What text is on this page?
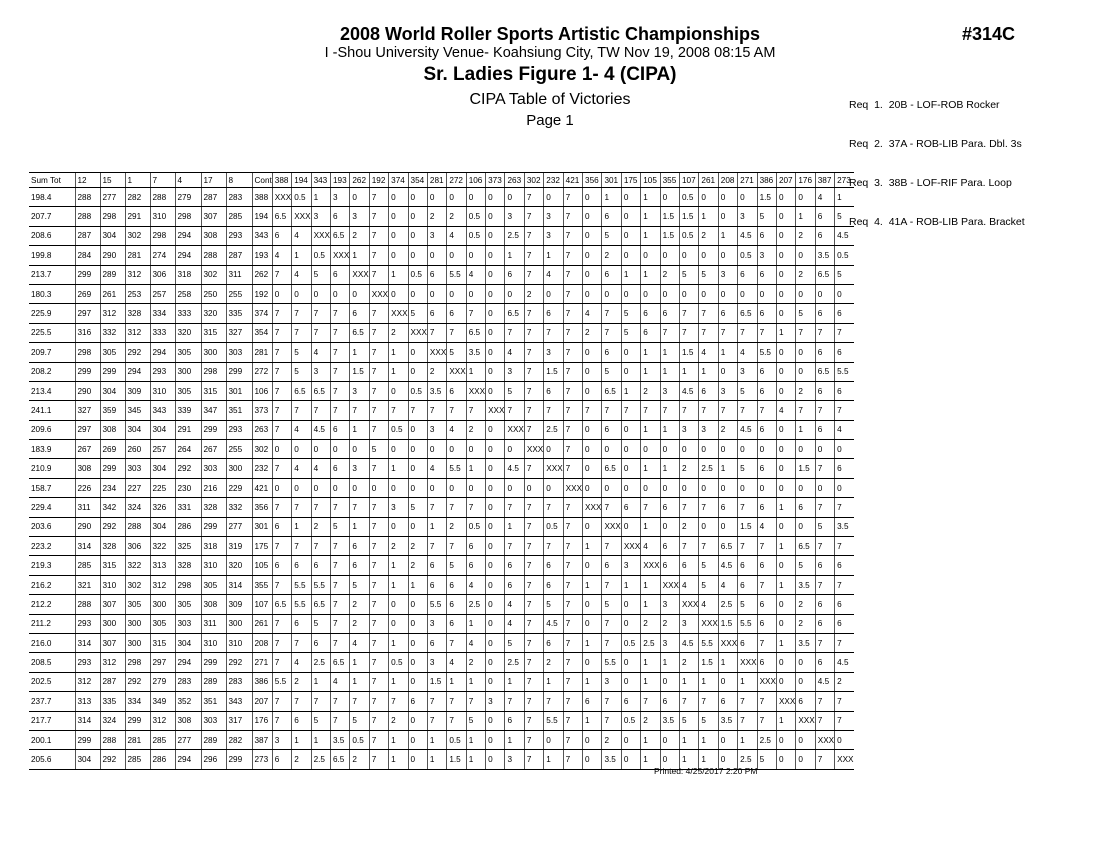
2008 World Roller Sports Artistic Championships	#314C
I -Shou University Venue- Koahsiung City, TW Nov 19, 2008 08:15 AM
Sr. Ladies Figure 1- 4 (CIPA)
CIPA Table of Victories
Page 1

Req  1.  20B - LOF-ROB Rocker

Req  2.  37A - ROB-LIB Para. Dbl. 3s

Req  3.  38B - LOF-RIF Para. Loop

Req  4.  41A - ROB-LIB Para. Bracket

Sum Tot	12	15	1	7	4	17	8	Cont	388	194	343	193	262	192	374	354	281	272	106	373	263	302	232	421	356	301	175	105	355	107	261	208	271	386	207	176	387	273
198.4	288	277	282	288	279	287	283	388	XXX	0.5	1	3	0	7	0	0	0	0	0	0	0	7	0	7	0	1	0	1	0	0.5	0	0	0	1.5	0	0	4	1
207.7	288	298	291	310	298	307	285	194	6.5	XXX	3	6	3	7	0	0	2	2	0.5	0	3	7	3	7	0	6	0	1	1.5	1.5	1	0	3	5	0	1	6	5
208.6	287	304	302	298	294	308	293	343	6	4	XXX	6.5	2	7	0	0	3	4	0.5	0	2.5	7	3	7	0	5	0	1	1.5	0.5	2	1	4.5	6	0	2	6	4.5
199.8	284	290	281	274	294	288	287	193	4	1	0.5	XXX	1	7	0	0	0	0	0	0	1	7	1	7	0	2	0	0	0	0	0	0	0.5	3	0	0	3.5	0.5
213.7	299	289	312	306	318	302	311	262	7	4	5	6	XXX	7	1	0.5	6	5.5	4	0	6	7	4	7	0	6	1	1	2	5	5	3	6	6	0	2	6.5	5
180.3	269	261	253	257	258	250	255	192	0	0	0	0	0	XXX	0	0	0	0	0	0	0	2	0	7	0	0	0	0	0	0	0	0	0	0	0	0	0	0
225.9	297	312	328	334	333	320	335	374	7	7	7	7	6	7	XXX	5	6	6	7	0	6.5	7	6	7	4	7	5	6	6	7	7	6	6.5	6	0	5	6	6
225.5	316	332	312	333	320	315	327	354	7	7	7	7	6.5	7	2	XXX	7	7	6.5	0	7	7	7	7	2	7	5	6	7	7	7	7	7	7	1	7	7	7
209.7	298	305	292	294	305	300	303	281	7	5	4	7	1	7	1	0	XXX	5	3.5	0	4	7	3	7	0	6	0	1	1	1.5	4	1	4	5.5	0	0	6	6
208.2	299	299	294	293	300	298	299	272	7	5	3	7	1.5	7	1	0	2	XXX	1	0	3	7	1.5	7	0	5	0	1	1	1	1	0	3	6	0	0	6.5	5.5
213.4	290	304	309	310	305	315	301	106	7	6.5	6.5	7	3	7	0	0.5	3.5	6	XXX	0	5	7	6	7	0	6.5	1	2	3	4.5	6	3	5	6	0	2	6	6
241.1	327	359	345	343	339	347	351	373	7	7	7	7	7	7	7	7	7	7	7	XXX	7	7	7	7	7	7	7	7	7	7	7	7	7	7	4	7	7	7
209.6	297	308	304	304	291	299	293	263	7	4	4.5	6	1	7	0.5	0	3	4	2	0	XXX	7	2.5	7	0	6	0	1	1	3	3	2	4.5	6	0	1	6	4
183.9	267	269	260	257	264	267	255	302	0	0	0	0	0	5	0	0	0	0	0	0	0	XXX	0	7	0	0	0	0	0	0	0	0	0	0	0	0	0	0
210.9	308	299	303	304	292	303	300	232	7	4	4	6	3	7	1	0	4	5.5	1	0	4.5	7	XXX	7	0	6.5	0	1	1	2	2.5	1	5	6	0	1.5	7	6
158.7	226	234	227	225	230	216	229	421	0	0	0	0	0	0	0	0	0	0	0	0	0	0	0	XXX	0	0	0	0	0	0	0	0	0	0	0	0	0	0
229.4	311	342	324	326	331	328	332	356	7	7	7	7	7	7	3	5	7	7	7	0	7	7	7	7	XXX	7	6	7	6	7	7	6	7	6	1	6	7	7
203.6	290	292	288	304	286	299	277	301	6	1	2	5	1	7	0	0	1	2	0.5	0	1	7	0.5	7	0	XXX	0	1	0	2	0	0	1.5	4	0	0	5	3.5
223.2	314	328	306	322	325	318	319	175	7	7	7	7	6	7	2	2	7	7	6	0	7	7	7	7	1	7	XXX	4	6	7	7	6.5	7	7	1	6.5	7	7
219.3	285	315	322	313	328	310	320	105	6	6	6	7	6	7	1	2	6	5	6	0	6	7	6	7	0	6	3	XXX	6	6	5	4.5	6	6	0	5	6	6
216.2	321	310	302	312	298	305	314	355	7	5.5	5.5	7	5	7	1	1	6	6	4	0	6	7	6	7	1	7	1	1	XXX	4	5	4	6	7	1	3.5	7	7
212.2	288	307	305	300	305	308	309	107	6.5	5.5	6.5	7	2	7	0	0	5.5	6	2.5	0	4	7	5	7	0	5	0	1	3	XXX	4	2.5	5	6	0	2	6	6
211.2	293	300	300	305	303	311	300	261	7	6	5	7	2	7	0	0	3	6	1	0	4	7	4.5	7	0	7	0	2	2	3	XXX	1.5	5.5	6	0	2	6	6
216.0	314	307	300	315	304	310	310	208	7	7	6	7	4	7	1	0	6	7	4	0	5	7	6	7	1	7	0.5	2.5	3	4.5	5.5	XXX	6	7	1	3.5	7	7
208.5	293	312	298	297	294	299	292	271	7	4	2.5	6.5	1	7	0.5	0	3	4	2	0	2.5	7	2	7	0	5.5	0	1	1	2	1.5	1	XXX	6	0	0	6	4.5
202.5	312	287	292	279	283	289	283	386	5.5	2	1	4	1	7	1	0	1.5	1	1	0	1	7	1	7	1	3	0	1	0	1	1	0	1	XXX	0	0	4.5	2
237.7	313	335	334	349	352	351	343	207	7	7	7	7	7	7	7	6	7	7	7	3	7	7	7	7	6	7	6	7	6	7	7	6	7	7	XXX	6	7	7
217.7	314	324	299	312	308	303	317	176	7	6	5	7	5	7	2	0	7	7	5	0	6	7	5.5	7	1	7	0.5	2	3.5	5	5	3.5	7	7	1	XXX	7	7
200.1	299	288	281	285	277	289	282	387	3	1	1	3.5	0.5	7	1	0	1	0.5	1	0	1	7	0	7	0	2	0	1	0	1	1	0	1	2.5	0	0	XXX	0
205.6	304	292	285	286	294	296	299	273	6	2	2.5	6.5	2	7	1	0	1	1.5	1	0	3	7	1	7	0	3.5	0	1	0	1	1	0	2.5	5	0	0	7	XXX
Printed: 4/25/2017 2:20 PM
